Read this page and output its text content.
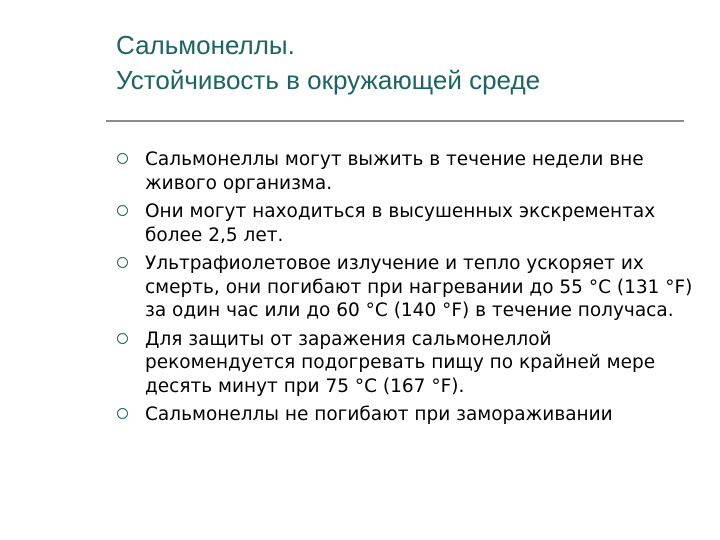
Сальмонеллы.
Устойчивость в окружающей среде
Сальмонеллы могут выжить в течение недели вне живого организма.
Они могут находиться в высушенных экскрементах более 2,5 лет.
Ультрафиолетовое излучение и тепло ускоряет их смерть, они погибают при нагревании до 55 °C (131 °F) за один час или до 60 °C (140 °F) в течение получаса.
Для защиты от заражения сальмонеллой рекомендуется подогревать пищу по крайней мере десять минут при 75 °C (167 °F).
Сальмонеллы не погибают при замораживании
